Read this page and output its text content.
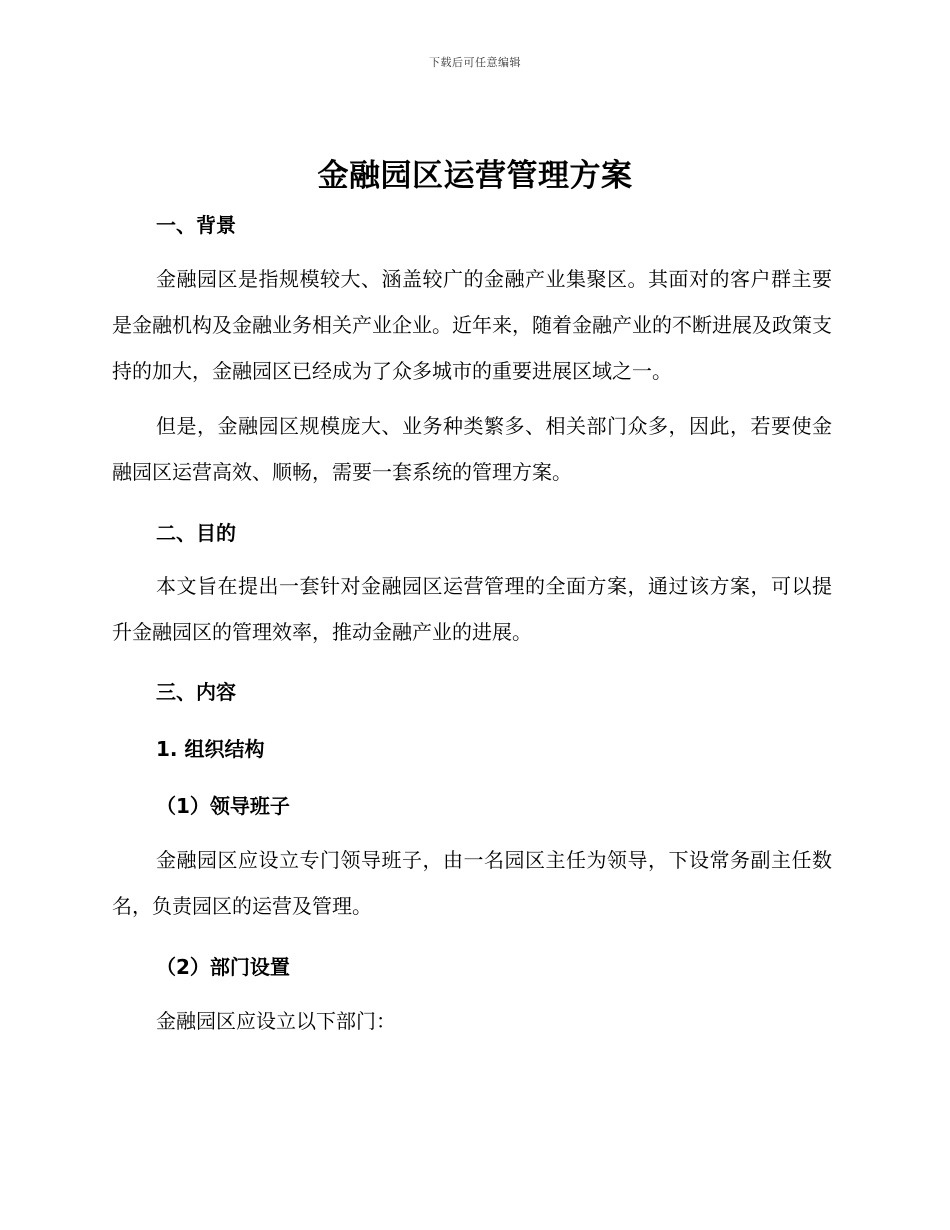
下载后可任意编辑
金融园区运营管理方案
一、背景

金融园区是指规模较大、涵盖较广的金融产业集聚区。其面对的客户群主要是金融机构及金融业务相关产业企业。近年来，随着金融产业的不断进展及政策支持的加大，金融园区已经成为了众多城市的重要进展区域之一。

但是，金融园区规模庞大、业务种类繁多、相关部门众多，因此，若要使金融园区运营高效、顺畅，需要一套系统的管理方案。

二、目的

本文旨在提出一套针对金融园区运营管理的全面方案，通过该方案，可以提升金融园区的管理效率，推动金融产业的进展。

三、内容
1. 组织结构
（1）领导班子

金融园区应设立专门领导班子，由一名园区主任为领导，下设常务副主任数名，负责园区的运营及管理。

（2）部门设置

金融园区应设立以下部门：
